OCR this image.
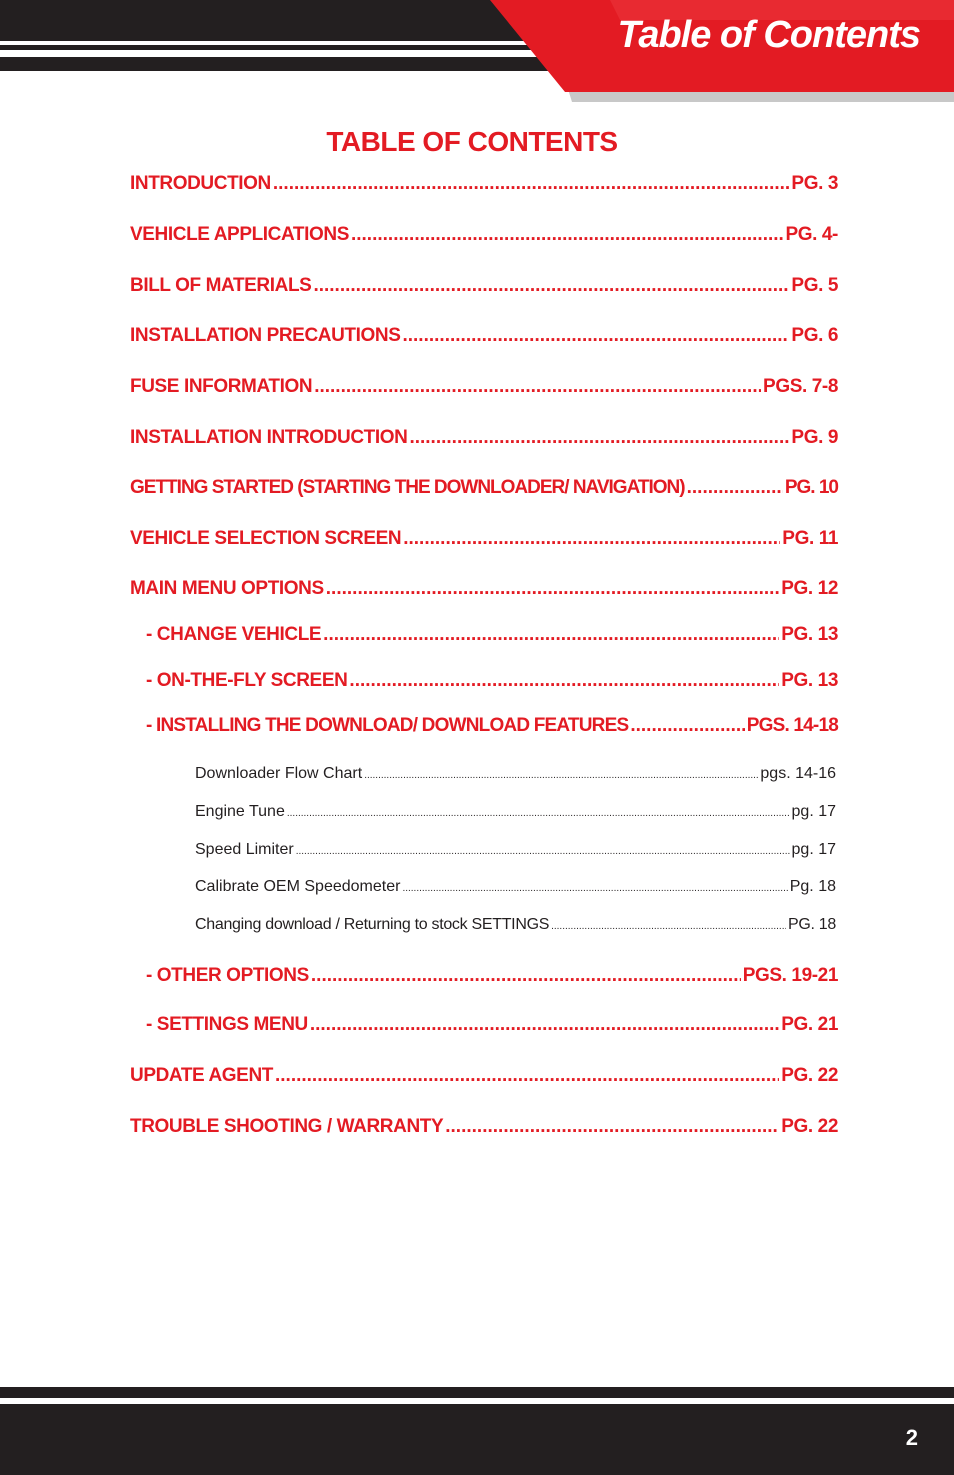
Table of Contents
TABLE OF CONTENTS
INTRODUCTION .....	PG. 3
VEHICLE APPLICATIONS .....	PG. 4-
BILL OF MATERIALS .....	PG. 5
INSTALLATION PRECAUTIONS .....	PG. 6
FUSE INFORMATION .....	PGS. 7-8
INSTALLATION INTRODUCTION .....	PG. 9
GETTING STARTED (STARTING THE DOWNLOADER/ NAVIGATION) .....	PG. 10
VEHICLE SELECTION SCREEN .....	PG. 11
MAIN MENU OPTIONS .....	PG. 12
- CHANGE VEHICLE .....	PG. 13
- ON-THE-FLY SCREEN .....	PG. 13
- INSTALLING THE DOWNLOAD/ DOWNLOAD FEATURES .....	PGS. 14-18
Downloader Flow Chart .....	pgs. 14-16
Engine Tune .....	pg. 17
Speed Limiter .....	pg. 17
Calibrate OEM Speedometer .....	Pg. 18
Changing download / Returning to stock SETTINGS .....	PG. 18
- OTHER OPTIONS .....	PGS. 19-21
- SETTINGS MENU .....	PG. 21
UPDATE AGENT .....	PG. 22
TROUBLE SHOOTING / WARRANTY .....	PG. 22
2
